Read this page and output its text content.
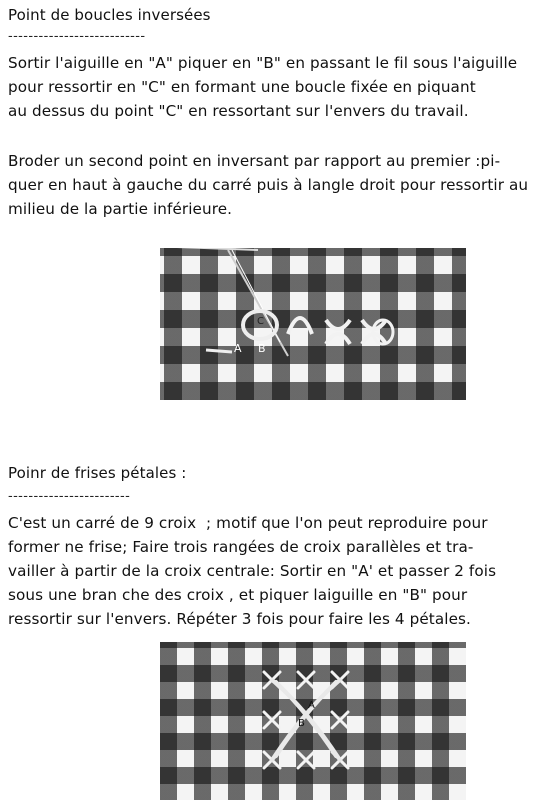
Point de boucles inversées
---------------------------
Sortir l'aiguille en "A" piquer en "B" en passant le fil sous l'aiguille
pour ressortir en "C" en formant une boucle fixée en piquant
au dessus du point "C" en ressortant sur l'envers du travail.
Broder un second point en inversant par rapport au premier :pi-
quer en haut à gauche du carré puis à langle droit pour ressortir au
milieu de la partie inférieure.
A B
C
Poinr de frises pétales :
------------------------
C'est un carré de 9 croix  ; motif que l'on peut reproduire pour
former ne frise; Faire trois rangées de croix parallèles et tra-
vailler à partir de la croix centrale: Sortir en "A' et passer 2 fois
sous une bran che des croix , et piquer laiguille en "B" pour
ressortir sur l'envers. Répéter 3 fois pour faire les 4 pétales.
A
B
